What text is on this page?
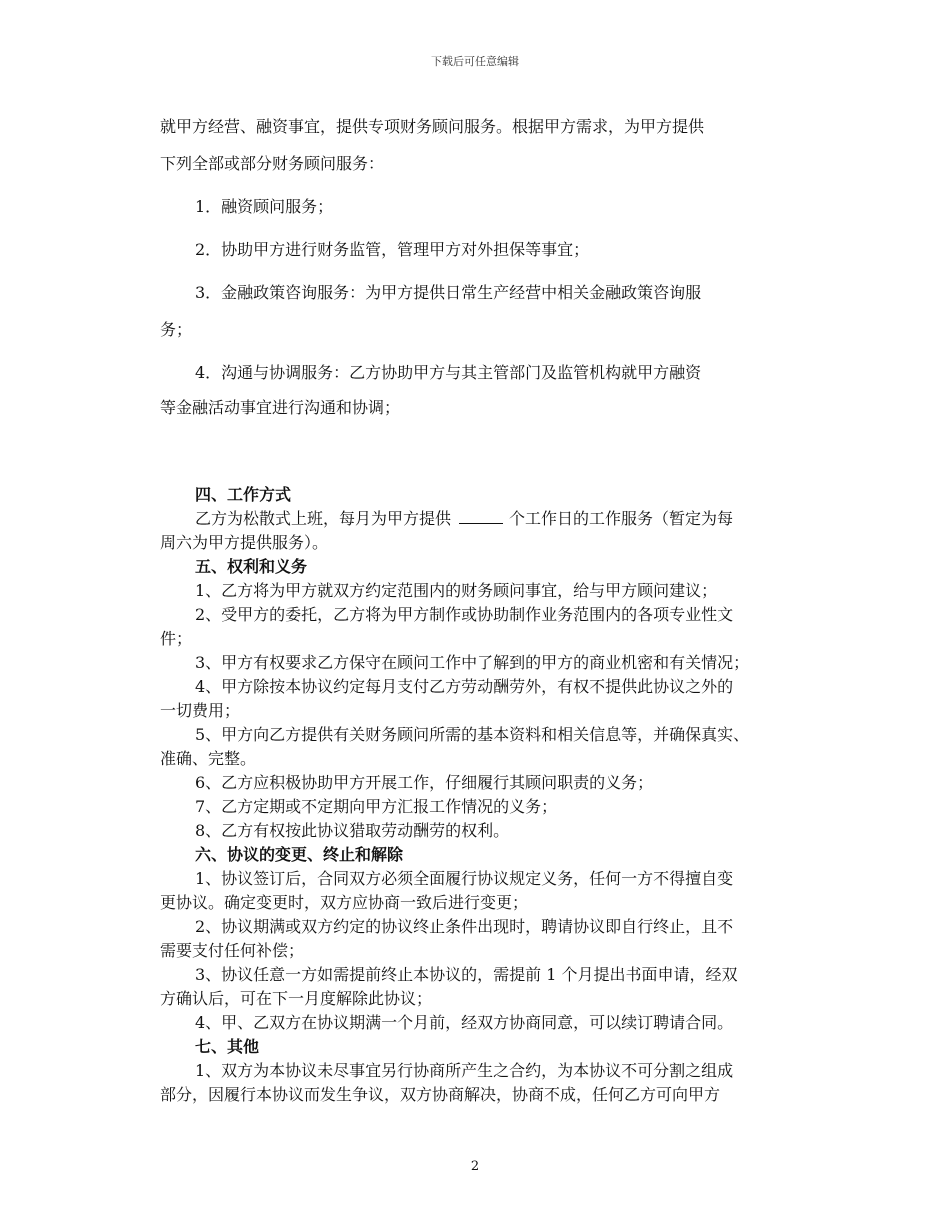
下载后可任意编辑
就甲方经营、融资事宜，提供专项财务顾问服务。根据甲方需求，为甲方提供
下列全部或部分财务顾问服务：
1．融资顾问服务；
2．协助甲方进行财务监管，管理甲方对外担保等事宜；
3．金融政策咨询服务：为甲方提供日常生产经营中相关金融政策咨询服
务；
4．沟通与协调服务：乙方协助甲方与其主管部门及监管机构就甲方融资
等金融活动事宜进行沟通和协调；
四、工作方式
乙方为松散式上班，每月为甲方提供	个工作日的工作服务（暂定为每
周六为甲方提供服务）。
五、权利和义务
1、乙方将为甲方就双方约定范围内的财务顾问事宜，给与甲方顾问建议；
2、受甲方的委托，乙方将为甲方制作或协助制作业务范围内的各项专业性文
件；
3、甲方有权要求乙方保守在顾问工作中了解到的甲方的商业机密和有关情况；
4、甲方除按本协议约定每月支付乙方劳动酬劳外，有权不提供此协议之外的
一切费用；
5、甲方向乙方提供有关财务顾问所需的基本资料和相关信息等，并确保真实、
准确、完整。
6、乙方应积极协助甲方开展工作，仔细履行其顾问职责的义务；
7、乙方定期或不定期向甲方汇报工作情况的义务；
8、乙方有权按此协议猎取劳动酬劳的权利。
六、协议的变更、终止和解除
1、协议签订后，合同双方必须全面履行协议规定义务，任何一方不得擅自变
更协议。确定变更时，双方应协商一致后进行变更；
2、协议期满或双方约定的协议终止条件出现时，聘请协议即自行终止，且不
需要支付任何补偿；
3、协议任意一方如需提前终止本协议的，需提前 1 个月提出书面申请，经双
方确认后，可在下一月度解除此协议；
4、甲、乙双方在协议期满一个月前，经双方协商同意，可以续订聘请合同。
七、其他
1、双方为本协议未尽事宜另行协商所产生之合约，为本协议不可分割之组成
部分，因履行本协议而发生争议，双方协商解决，协商不成，任何乙方可向甲方
2
